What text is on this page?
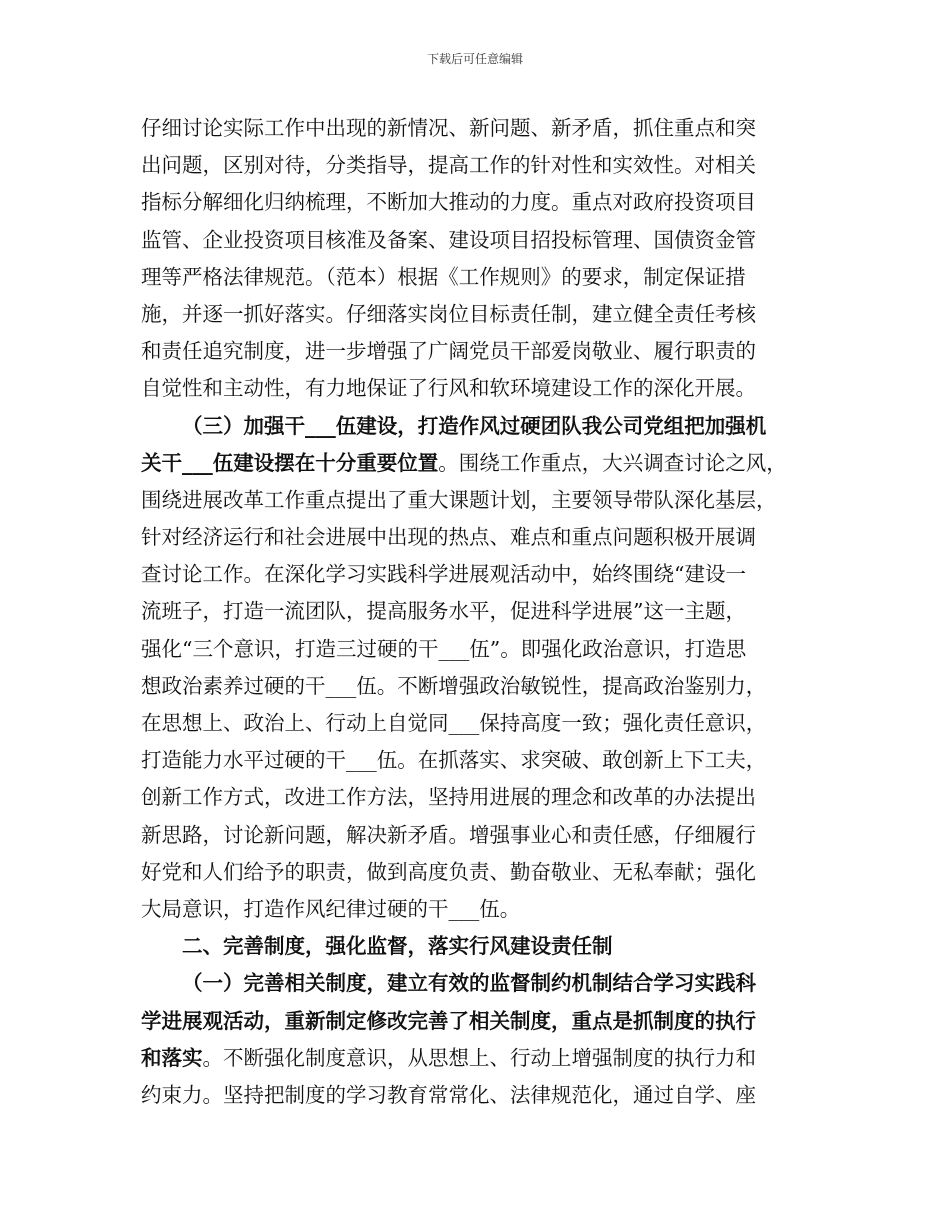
下载后可任意编辑
仔细讨论实际工作中出现的新情况、新问题、新矛盾，抓住重点和突
出问题，区别对待，分类指导，提高工作的针对性和实效性。对相关
指标分解细化归纳梳理，不断加大推动的力度。重点对政府投资项目
监管、企业投资项目核准及备案、建设项目招投标管理、国债资金管
理等严格法律规范。（范本）根据《工作规则》的要求，制定保证措
施，并逐一抓好落实。仔细落实岗位目标责任制，建立健全责任考核
和责任追究制度，进一步增强了广阔党员干部爱岗敬业、履行职责的
自觉性和主动性，有力地保证了行风和软环境建设工作的深化开展。
（三）加强干___伍建设，打造作风过硬团队我公司党组把加强机
关干___伍建设摆在十分重要位置。围绕工作重点，大兴调查讨论之风，
围绕进展改革工作重点提出了重大课题计划，主要领导带队深化基层，
针对经济运行和社会进展中出现的热点、难点和重点问题积极开展调
查讨论工作。在深化学习实践科学进展观活动中，始终围绕“建设一
流班子，打造一流团队，提高服务水平，促进科学进展”这一主题，
强化“三个意识，打造三过硬的干___伍”。即强化政治意识，打造思
想政治素养过硬的干___伍。不断增强政治敏锐性，提高政治鉴别力，
在思想上、政治上、行动上自觉同___保持高度一致；强化责任意识，
打造能力水平过硬的干___伍。在抓落实、求突破、敢创新上下工夫，
创新工作方式，改进工作方法，坚持用进展的理念和改革的办法提出
新思路，讨论新问题，解决新矛盾。增强事业心和责任感，仔细履行
好党和人们给予的职责，做到高度负责、勤奋敬业、无私奉献；强化
大局意识，打造作风纪律过硬的干___伍。
二、完善制度，强化监督，落实行风建设责任制
（一）完善相关制度，建立有效的监督制约机制结合学习实践科
学进展观活动，重新制定修改完善了相关制度，重点是抓制度的执行
和落实。不断强化制度意识，从思想上、行动上增强制度的执行力和
约束力。坚持把制度的学习教育常常化、法律规范化，通过自学、座
